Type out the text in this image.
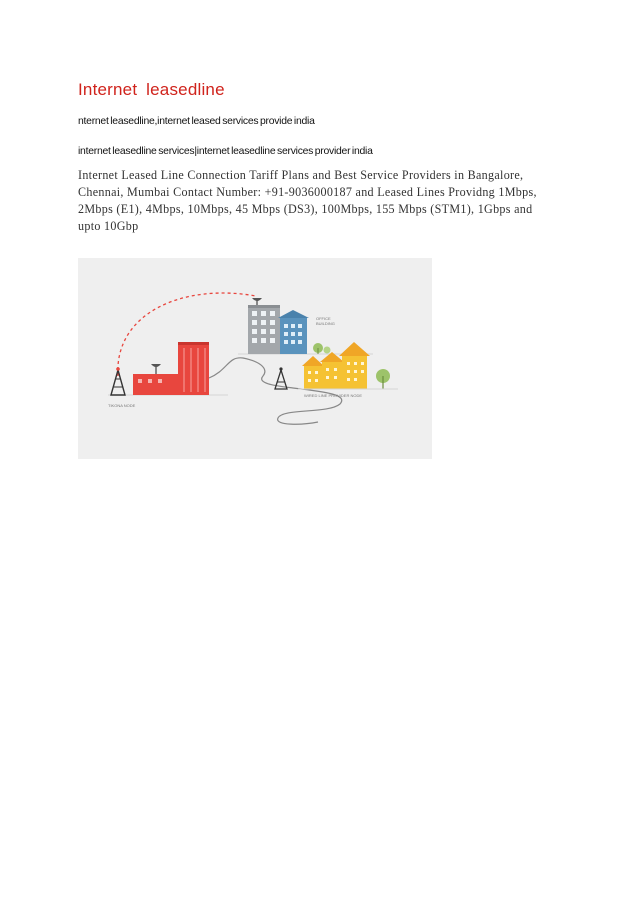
Internet leasedline
nternet leasedline,internet leased services provide india
internet leasedline services|internet leasedline services provider india
Internet Leased Line Connection Tariff Plans and Best Service Providers in Bangalore, Chennai, Mumbai Contact Number: +91-9036000187 and Leased Lines Providng 1Mbps, 2Mbps (E1), 4Mbps, 10Mbps, 45 Mbps (DS3), 100Mbps, 155 Mbps (STM1), 1Gbps and upto 10Gbp
TIKONA NODE
OFFICE BUILDING
WIRED LINE PROVIDER NODE
